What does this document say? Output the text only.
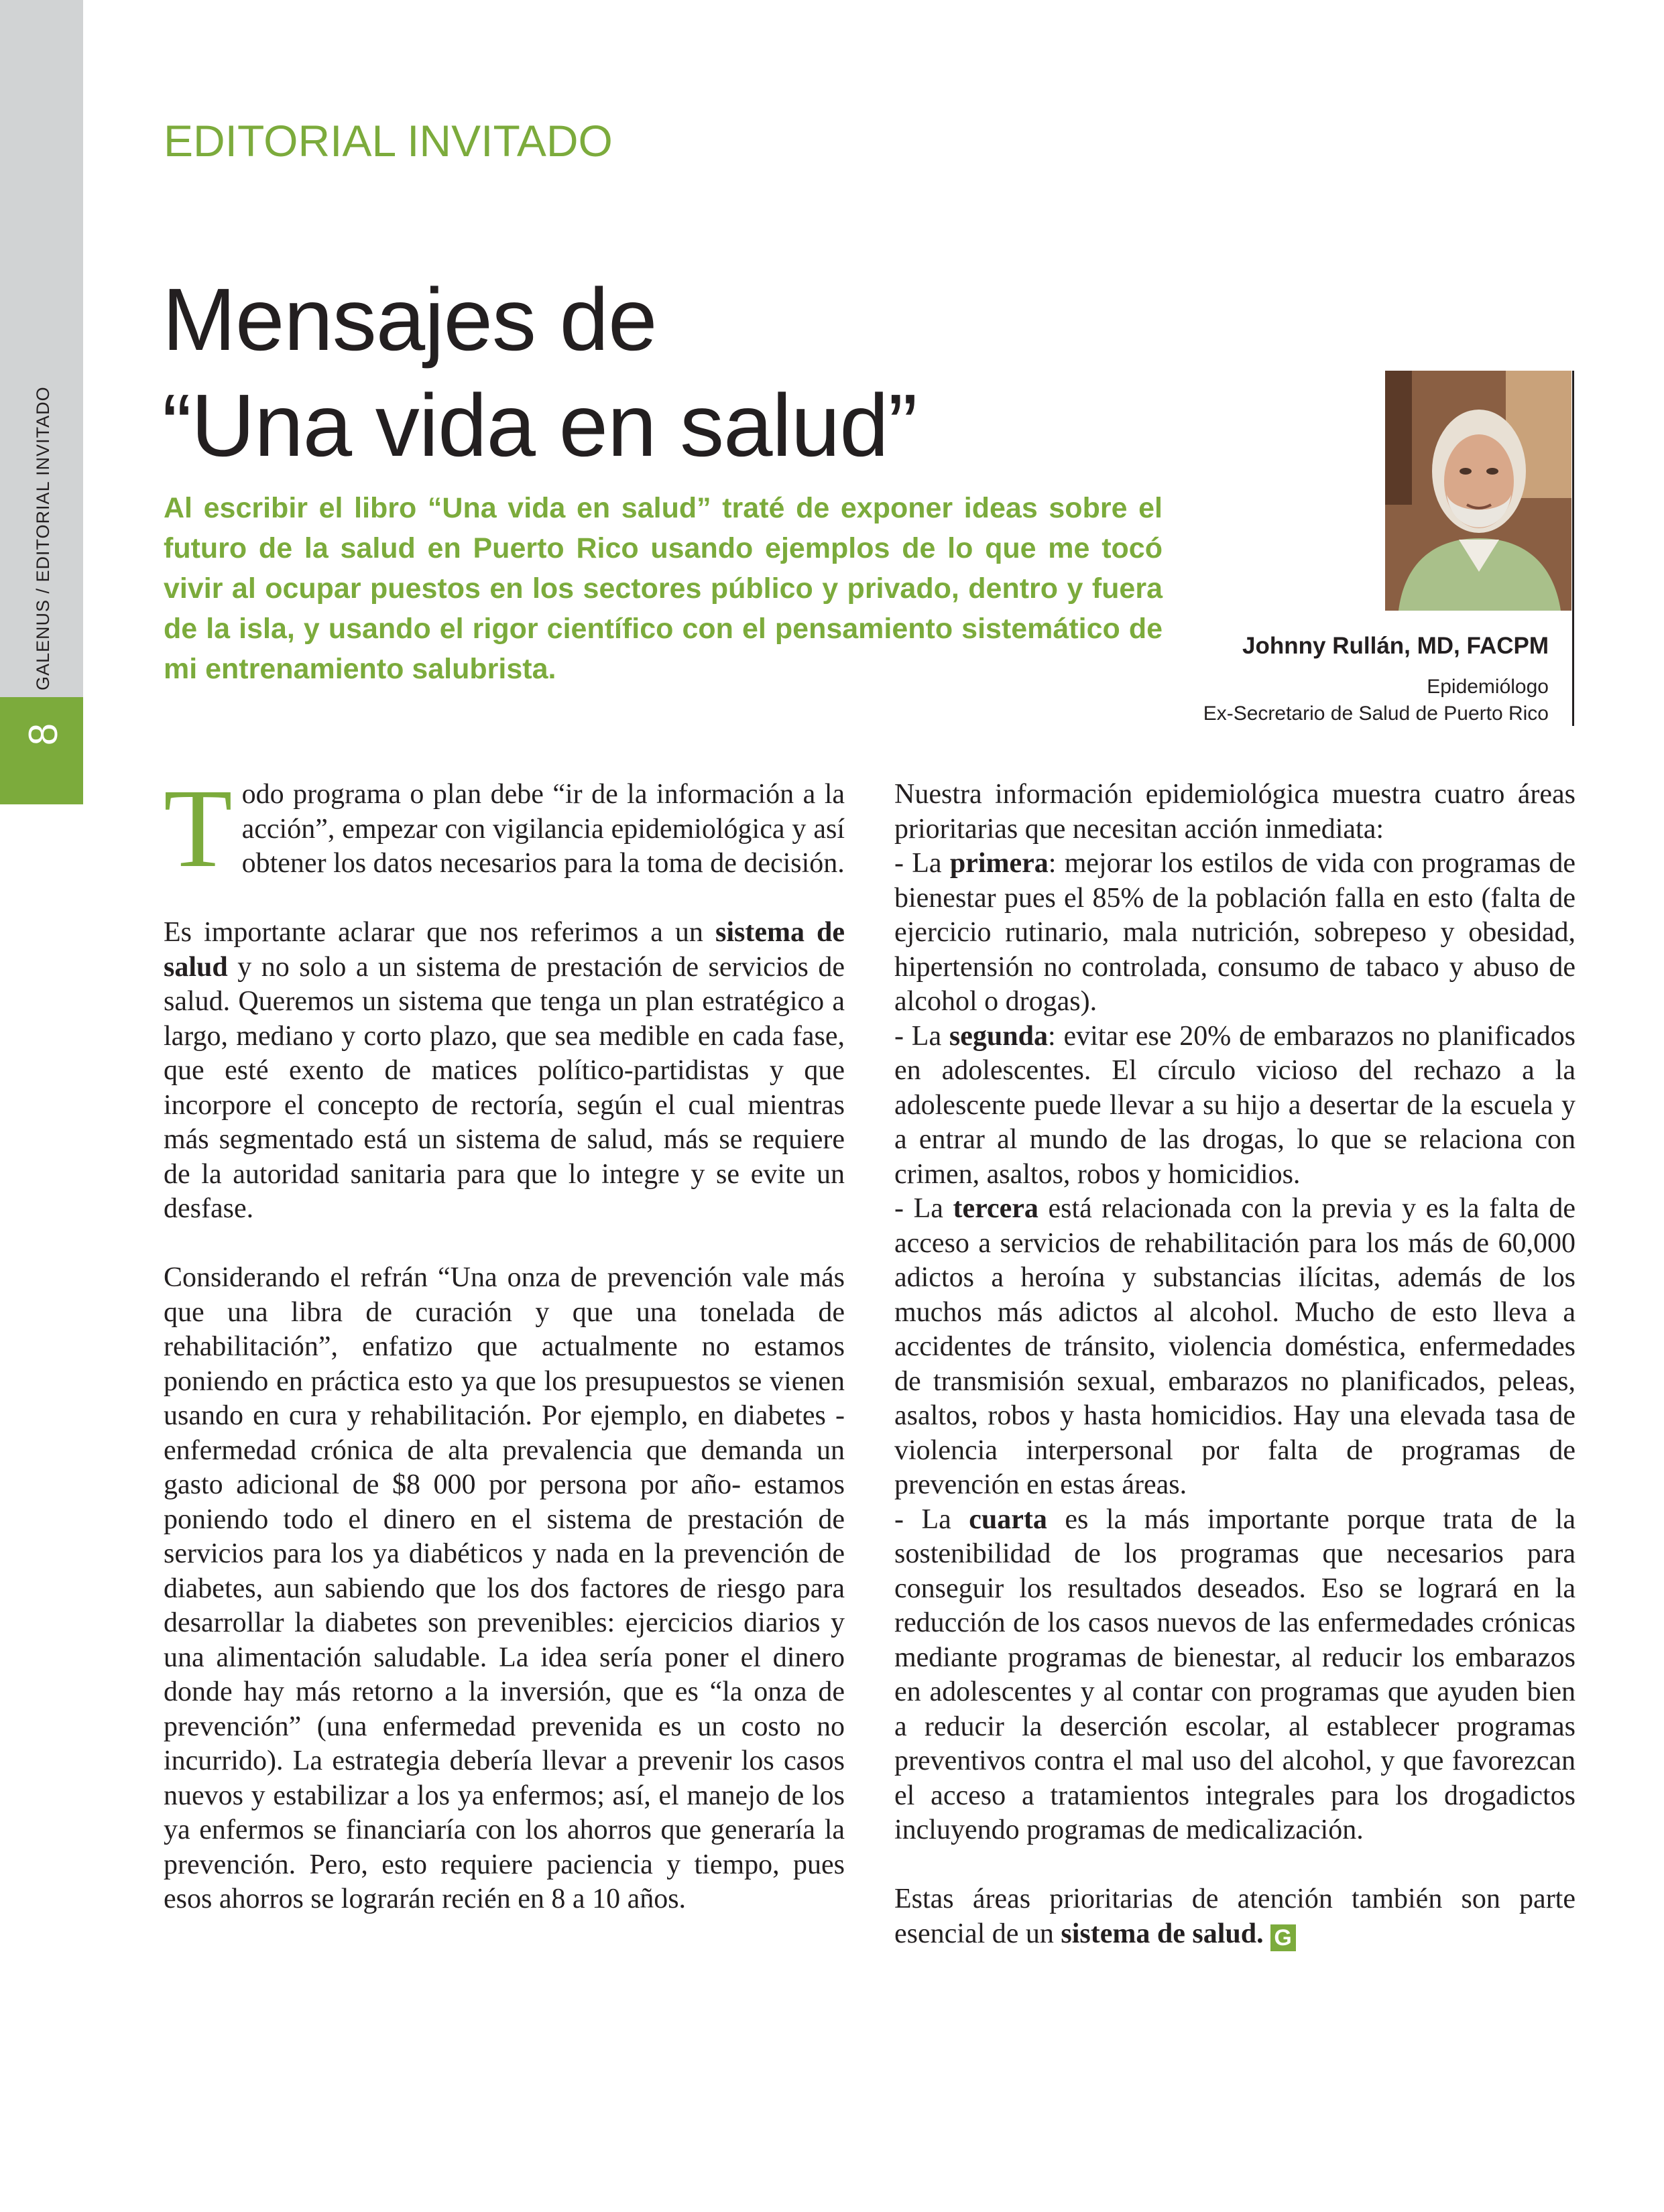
GALENUS / EDITORIAL INVITADO
8
EDITORIAL INVITADO
Mensajes de
“Una vida en salud”
Al escribir el libro “Una vida en salud” traté de exponer ideas sobre el futuro de la salud en Puerto Rico usando ejemplos de lo que me tocó vivir al ocupar puestos en los sectores público y privado, dentro y fuera de la isla, y usando el rigor científico con el pensamiento sistemático de mi entrenamiento salubrista.
Johnny Rullán, MD, FACPM
Epidemiólogo
Ex-Secretario de Salud de Puerto Rico

Todo programa o plan debe “ir de la información a la acción”, empezar con vigilancia epidemiológica y así obtener los datos necesarios para la toma de decisión.

Es importante aclarar que nos referimos a un sistema de salud y no solo a un sistema de prestación de servicios de salud. Queremos un sistema que tenga un plan estratégico a largo, mediano y corto plazo, que sea medible en cada fase, que esté exento de matices político-partidistas y que incorpore el concepto de rectoría, según el cual mientras más segmentado está un sistema de salud, más se requiere de la autoridad sanitaria para que lo integre y se evite un desfase.

Considerando el refrán “Una onza de prevención vale más que una libra de curación y que una tonelada de rehabilitación”, enfatizo que actualmente no estamos poniendo en práctica esto ya que los presupuestos se vienen usando en cura y rehabilitación. Por ejemplo, en diabetes -enfermedad crónica de alta prevalencia que demanda un gasto adicional de $8 000 por persona por año- estamos poniendo todo el dinero en el sistema de prestación de servicios para los ya diabéticos y nada en la prevención de diabetes, aun sabiendo que los dos factores de riesgo para desarrollar la diabetes son prevenibles: ejercicios diarios y una alimentación saludable. La idea sería poner el dinero donde hay más retorno a la inversión, que es “la onza de prevención” (una enfermedad prevenida es un costo no incurrido). La estrategia debería llevar a prevenir los casos nuevos y estabilizar a los ya enfermos; así, el manejo de los ya enfermos se financiaría con los ahorros que generaría la prevención. Pero, esto requiere paciencia y tiempo, pues esos ahorros se lograrán recién en 8 a 10 años.

Nuestra información epidemiológica muestra cuatro áreas prioritarias que necesitan acción inmediata:

- La primera: mejorar los estilos de vida con programas de bienestar pues el 85% de la población falla en esto (falta de ejercicio rutinario, mala nutrición, sobrepeso y obesidad, hipertensión no controlada, consumo de tabaco y abuso de alcohol o drogas).

- La segunda: evitar ese 20% de embarazos no planificados en adolescentes. El círculo vicioso del rechazo a la adolescente puede llevar a su hijo a desertar de la escuela y a entrar al mundo de las drogas, lo que se relaciona con crimen, asaltos, robos y homicidios.

- La tercera está relacionada con la previa y es la falta de acceso a servicios de rehabilitación para los más de 60,000 adictos a heroína y substancias ilícitas, además de los muchos más adictos al alcohol. Mucho de esto lleva a accidentes de tránsito, violencia doméstica, enfermedades de transmisión sexual, embarazos no planificados, peleas, asaltos, robos y hasta homicidios. Hay una elevada tasa de violencia interpersonal por falta de programas de prevención en estas áreas.

- La cuarta es la más importante porque trata de la sostenibilidad de los programas que necesarios para conseguir los resultados deseados. Eso se logrará en la reducción de los casos nuevos de las enfermedades crónicas mediante programas de bienestar, al reducir los embarazos en adolescentes y al contar con programas que ayuden bien a reducir la deserción escolar, al establecer programas preventivos contra el mal uso del alcohol, y que favorezcan el acceso a tratamientos integrales para los drogadictos incluyendo programas de medicalización.

Estas áreas prioritarias de atención también son parte esencial de un sistema de salud. G
